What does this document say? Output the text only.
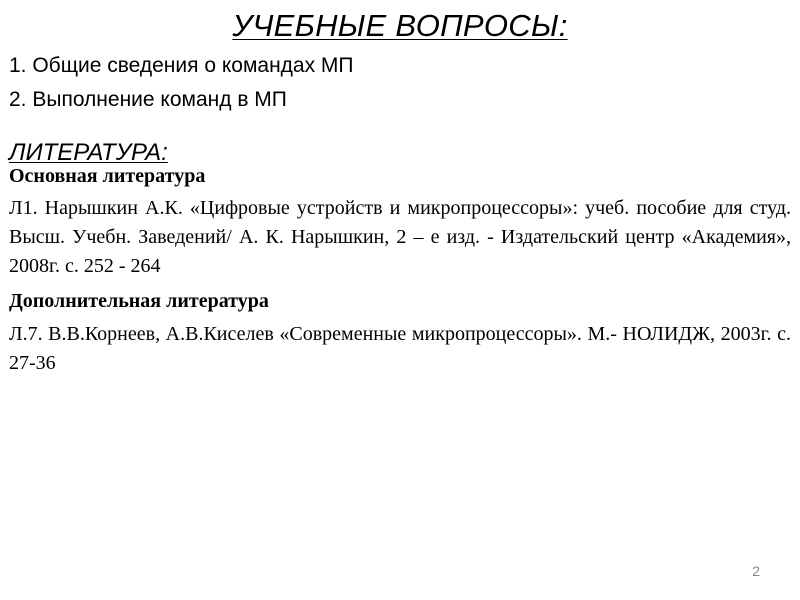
УЧЕБНЫЕ ВОПРОСЫ:

1. Общие сведения о командах МП

2. Выполнение команд в МП

ЛИТЕРАТУРА:

Основная литература

Л1. Нарышкин А.К. «Цифровые устройств и микропроцессоры»: учеб. пособие для студ. Высш. Учебн. Заведений/ А. К. Нарышкин, 2 – е изд. - Издательский центр «Академия», 2008г. с. 252 - 264

Дополнительная литература

Л.7. В.В.Корнеев, А.В.Киселев «Современные микропроцессоры». М.- НОЛИДЖ, 2003г. с. 27-36

2
